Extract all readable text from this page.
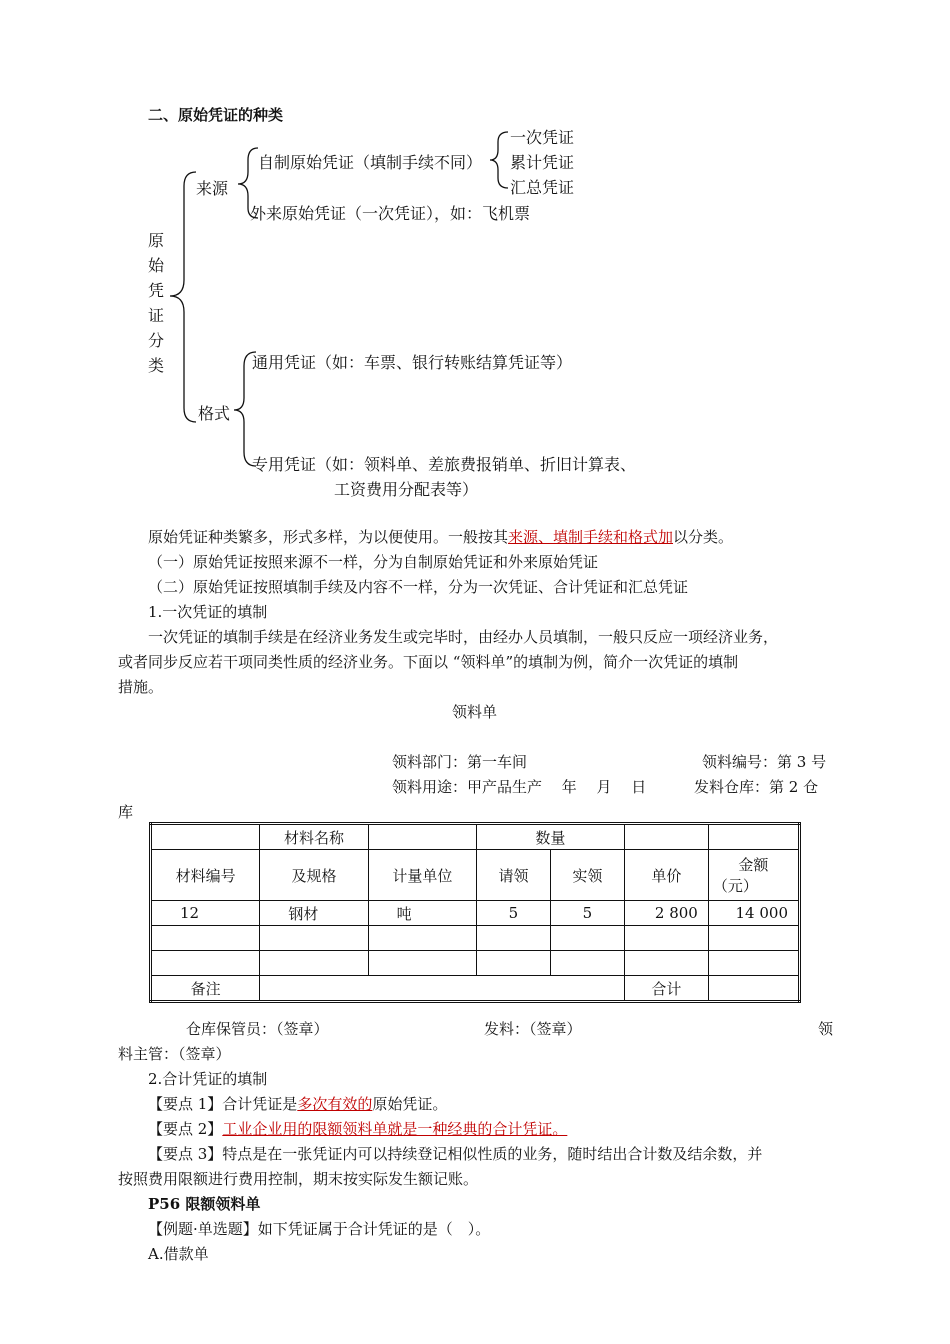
二、原始凭证的种类
原
始
凭
证
分
类
来源
自制原始凭证（填制手续不同）
一次凭证
累计凭证
汇总凭证
外来原始凭证（一次凭证），如：飞机票
格式
通用凭证（如：车票、银行转账结算凭证等）
专用凭证（如：领料单、差旅费报销单、折旧计算表、
工资费用分配表等）
原始凭证种类繁多，形式多样，为以便使用。一般按其来源、填制手续和格式加以分类。
（一）原始凭证按照来源不一样，分为自制原始凭证和外来原始凭证
（二）原始凭证按照填制手续及内容不一样，分为一次凭证、合计凭证和汇总凭证
1.一次凭证的填制
一次凭证的填制手续是在经济业务发生或完毕时，由经办人员填制，一般只反应一项经济业务，
或者同步反应若干项同类性质的经济业务。下面以 “领料单”的填制为例，简介一次凭证的填制
措施。
领料单
领料部门：第一车间	领料编号：第 3 号
领料用途：甲产品生产　 年　 月　 日	发料仓库：第 2 仓
库
	材料名称		数量			
材料编号	及规格	计量单位	请领	实领	单价	金额
（元）

12	钢材	吨	5	5	2 800	14 000

备注					合计	
仓库保管员：（签章）	发料：（签章）	领
料主管：（签章）
2.合计凭证的填制
【要点 1】合计凭证是多次有效的原始凭证。
【要点 2】工业企业用的限额领料单就是一种经典的合计凭证。
【要点 3】特点是在一张凭证内可以持续登记相似性质的业务，随时结出合计数及结余数，并
按照费用限额进行费用控制，期末按实际发生额记账。
P56 限额领料单
【例题·单选题】如下凭证属于合计凭证的是（　）。
A.借款单
